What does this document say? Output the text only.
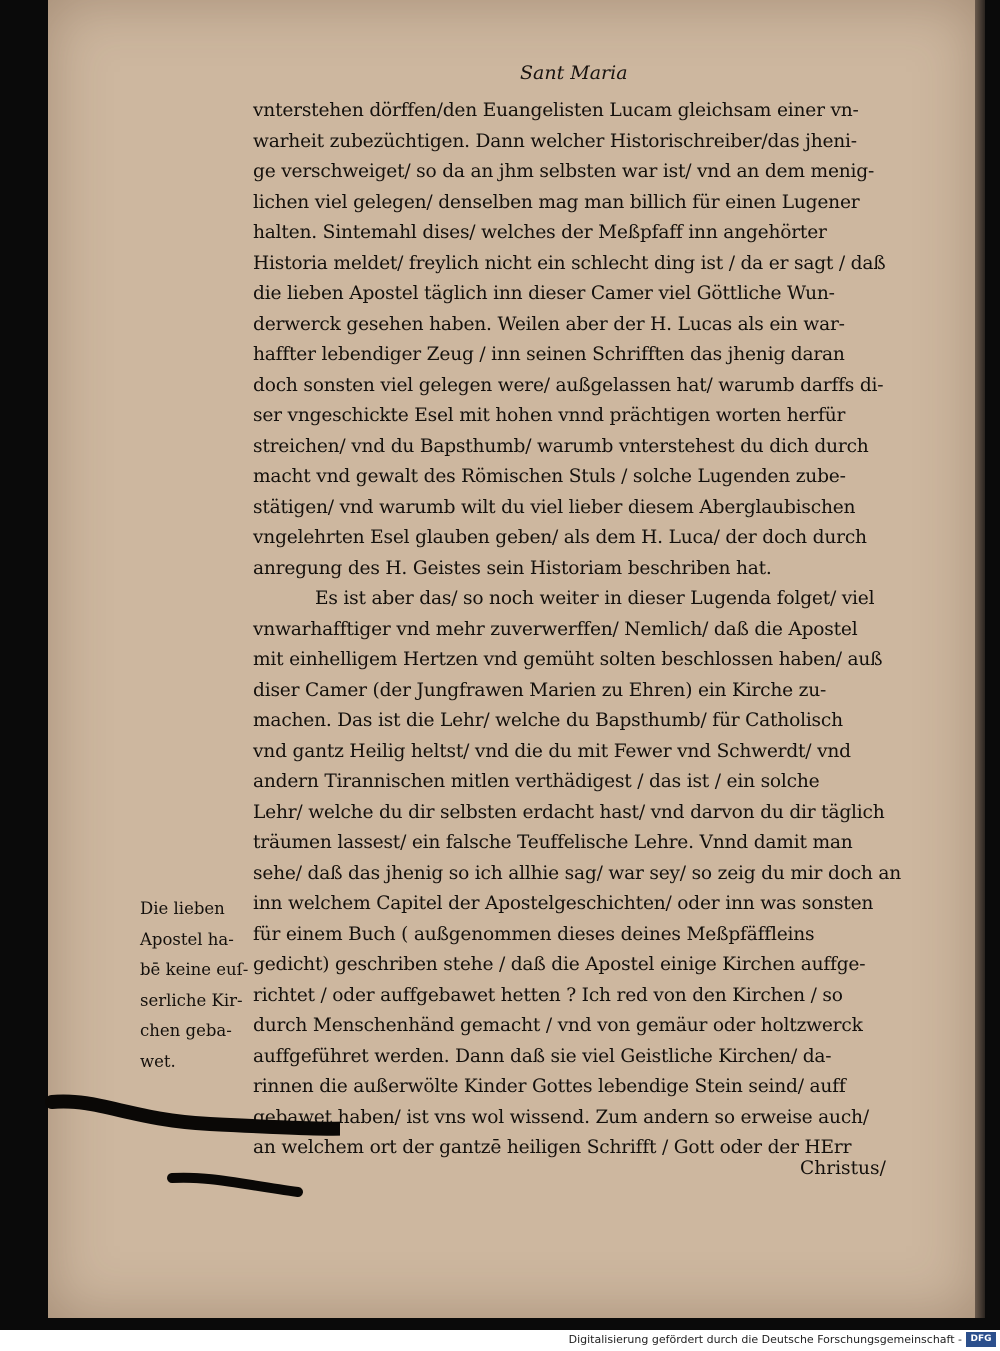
Sant Maria
vnterstehen dörffen/den Euangelisten Lucam gleichsam einer vn-
warheit zubezüchtigen. Dann welcher Historischreiber/das jheni-
ge verschweiget/ so da an jhm selbsten war ist/ vnd an dem menig-
lichen viel gelegen/ denselben mag man billich für einen Lugener
halten. Sintemahl dises/ welches der Meßpfaff inn angehörter
Historia meldet/ freylich nicht ein schlecht ding ist / da er sagt / daß
die lieben Apostel täglich inn dieser Camer viel Göttliche Wun-
derwerck gesehen haben. Weilen aber der H. Lucas als ein war-
haffter lebendiger Zeug / inn seinen Schrifften das jhenig daran
doch sonsten viel gelegen were/ außgelassen hat/ warumb darffs di-
ser vngeschickte Esel mit hohen vnnd prächtigen worten herfür
streichen/ vnd du Bapsthumb/ warumb vnterstehest du dich durch
macht vnd gewalt des Römischen Stuls / solche Lugenden zube-
stätigen/ vnd warumb wilt du viel lieber diesem Aberglaubischen
vngelehrten Esel glauben geben/ als dem H. Luca/ der doch durch
anregung des H. Geistes sein Historiam beschriben hat.
Es ist aber das/ so noch weiter in dieser Lugenda folget/ viel
vnwarhafftiger vnd mehr zuverwerffen/ Nemlich/ daß die Apostel
mit einhelligem Hertzen vnd gemüht solten beschlossen haben/ auß
diser Camer (der Jungfrawen Marien zu Ehren) ein Kirche zu-
machen. Das ist die Lehr/ welche du Bapsthumb/ für Catholisch
vnd gantz Heilig heltst/ vnd die du mit Fewer vnd Schwerdt/ vnd
andern Tirannischen mitlen verthädigest / das ist / ein solche
Lehr/ welche du dir selbsten erdacht hast/ vnd darvon du dir täglich
träumen lassest/ ein falsche Teuffelische Lehre. Vnnd damit man
sehe/ daß das jhenig so ich allhie sag/ war sey/ so zeig du mir doch an
inn welchem Capitel der Apostelgeschichten/ oder inn was sonsten
für einem Buch ( außgenommen dieses deines Meßpfäffleins
gedicht) geschriben stehe / daß die Apostel einige Kirchen auffge-
richtet / oder auffgebawet hetten ? Ich red von den Kirchen / so
durch Menschenhänd gemacht / vnd von gemäur oder holtzwerck
auffgeführet werden. Dann daß sie viel Geistliche Kirchen/ da-
rinnen die außerwölte Kinder Gottes lebendige Stein seind/ auff
gebawet haben/ ist vns wol wissend. Zum andern so erweise auch/
an welchem ort der gantzē heiligen Schrifft / Gott oder der HErr
Christus/
Die lieben
Apostel ha-
bē keine euſ-
serliche Kir-
chen geba-
wet.
Digitalisierung gefördert durch die Deutsche Forschungsgemeinschaft - DFG
